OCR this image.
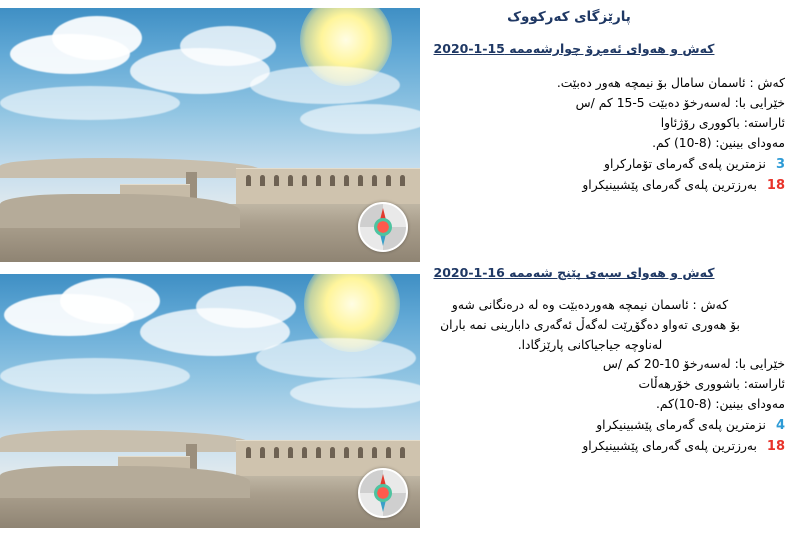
پارێزگای کەرکووک
کەش و هەوای ئەمڕۆ چوارشەممە 15-1-2020
کەش : ئاسمان سامال بۆ نیمچە هەور دەبێت.
خێرایی با: لەسەرخۆ دەبێت 5-15 کم /س
ئاراستە: باکووری رۆژئاوا
مەودای بینین: (8-10) کم.
3
نزمترین پلەی گەرمای تۆمارکراو
18
بەرزترین پلەی گەرمای پێشبینیکراو
کەش و هەوای سبەی پێنج شەممە 16-1-2020
کەش : ئاسمان نیمچە هەوردەبێت وە لە درەنگانی شەو
بۆ هەوری تەواو دەگۆڕێت لەگەڵ ئەگەری دابارینی نمە باران
لەناوچە جیاجیاکانی پارێزگادا.
خێرایی با: لەسەرخۆ 10-20 کم /س
ئاراستە: باشووری خۆرهەڵات
مەودای بینین: (8-10)کم.
4
نزمترین پلەی گەرمای پێشبینیکراو
18
بەرزترین پلەی گەرمای پێشبینیکراو
